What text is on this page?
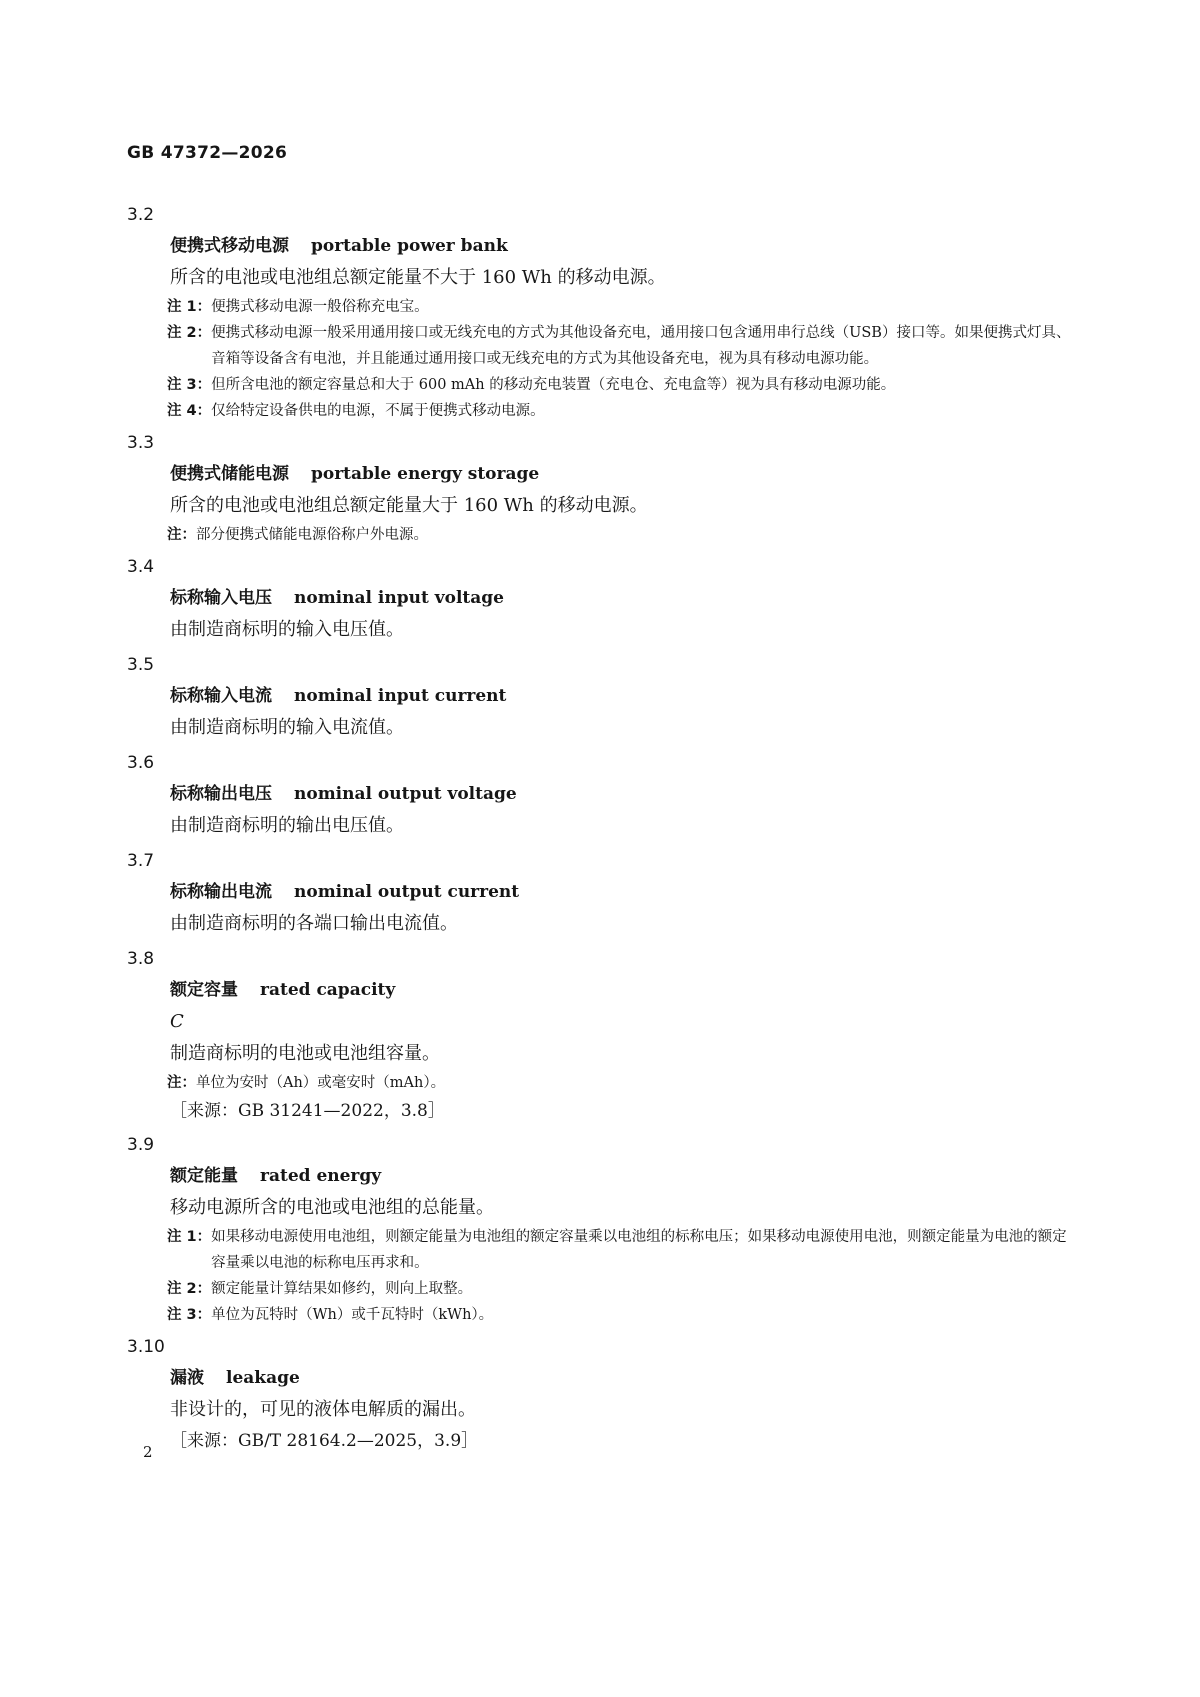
GB 47372—2026
3.2
便携式移动电源 portable power bank
所含的电池或电池组总额定能量不大于 160 Wh 的移动电源。
注 1： 便携式移动电源一般俗称充电宝。
注 2： 便携式移动电源一般采用通用接口或无线充电的方式为其他设备充电，通用接口包含通用串行总线（USB）接口等。如果便携式灯具、音箱等设备含有电池，并且能通过通用接口或无线充电的方式为其他设备充电，视为具有移动电源功能。
注 3： 但所含电池的额定容量总和大于 600 mAh 的移动充电装置（充电仓、充电盒等）视为具有移动电源功能。
注 4： 仅给特定设备供电的电源，不属于便携式移动电源。
3.3
便携式储能电源 portable energy storage
所含的电池或电池组总额定能量大于 160 Wh 的移动电源。
注： 部分便携式储能电源俗称户外电源。
3.4
标称输入电压 nominal input voltage
由制造商标明的输入电压值。
3.5
标称输入电流 nominal input current
由制造商标明的输入电流值。
3.6
标称输出电压 nominal output voltage
由制造商标明的输出电压值。
3.7
标称输出电流 nominal output current
由制造商标明的各端口输出电流值。
3.8
额定容量 rated capacity
C
制造商标明的电池或电池组容量。
注： 单位为安时（Ah）或毫安时（mAh）。
［来源：GB 31241—2022，3.8］
3.9
额定能量 rated energy
移动电源所含的电池或电池组的总能量。
注 1： 如果移动电源使用电池组，则额定能量为电池组的额定容量乘以电池组的标称电压；如果移动电源使用电池，则额定能量为电池的额定容量乘以电池的标称电压再求和。
注 2： 额定能量计算结果如修约，则向上取整。
注 3： 单位为瓦特时（Wh）或千瓦特时（kWh）。
3.10
漏液 leakage
非设计的，可见的液体电解质的漏出。
［来源：GB/T 28164.2—2025，3.9］
2
